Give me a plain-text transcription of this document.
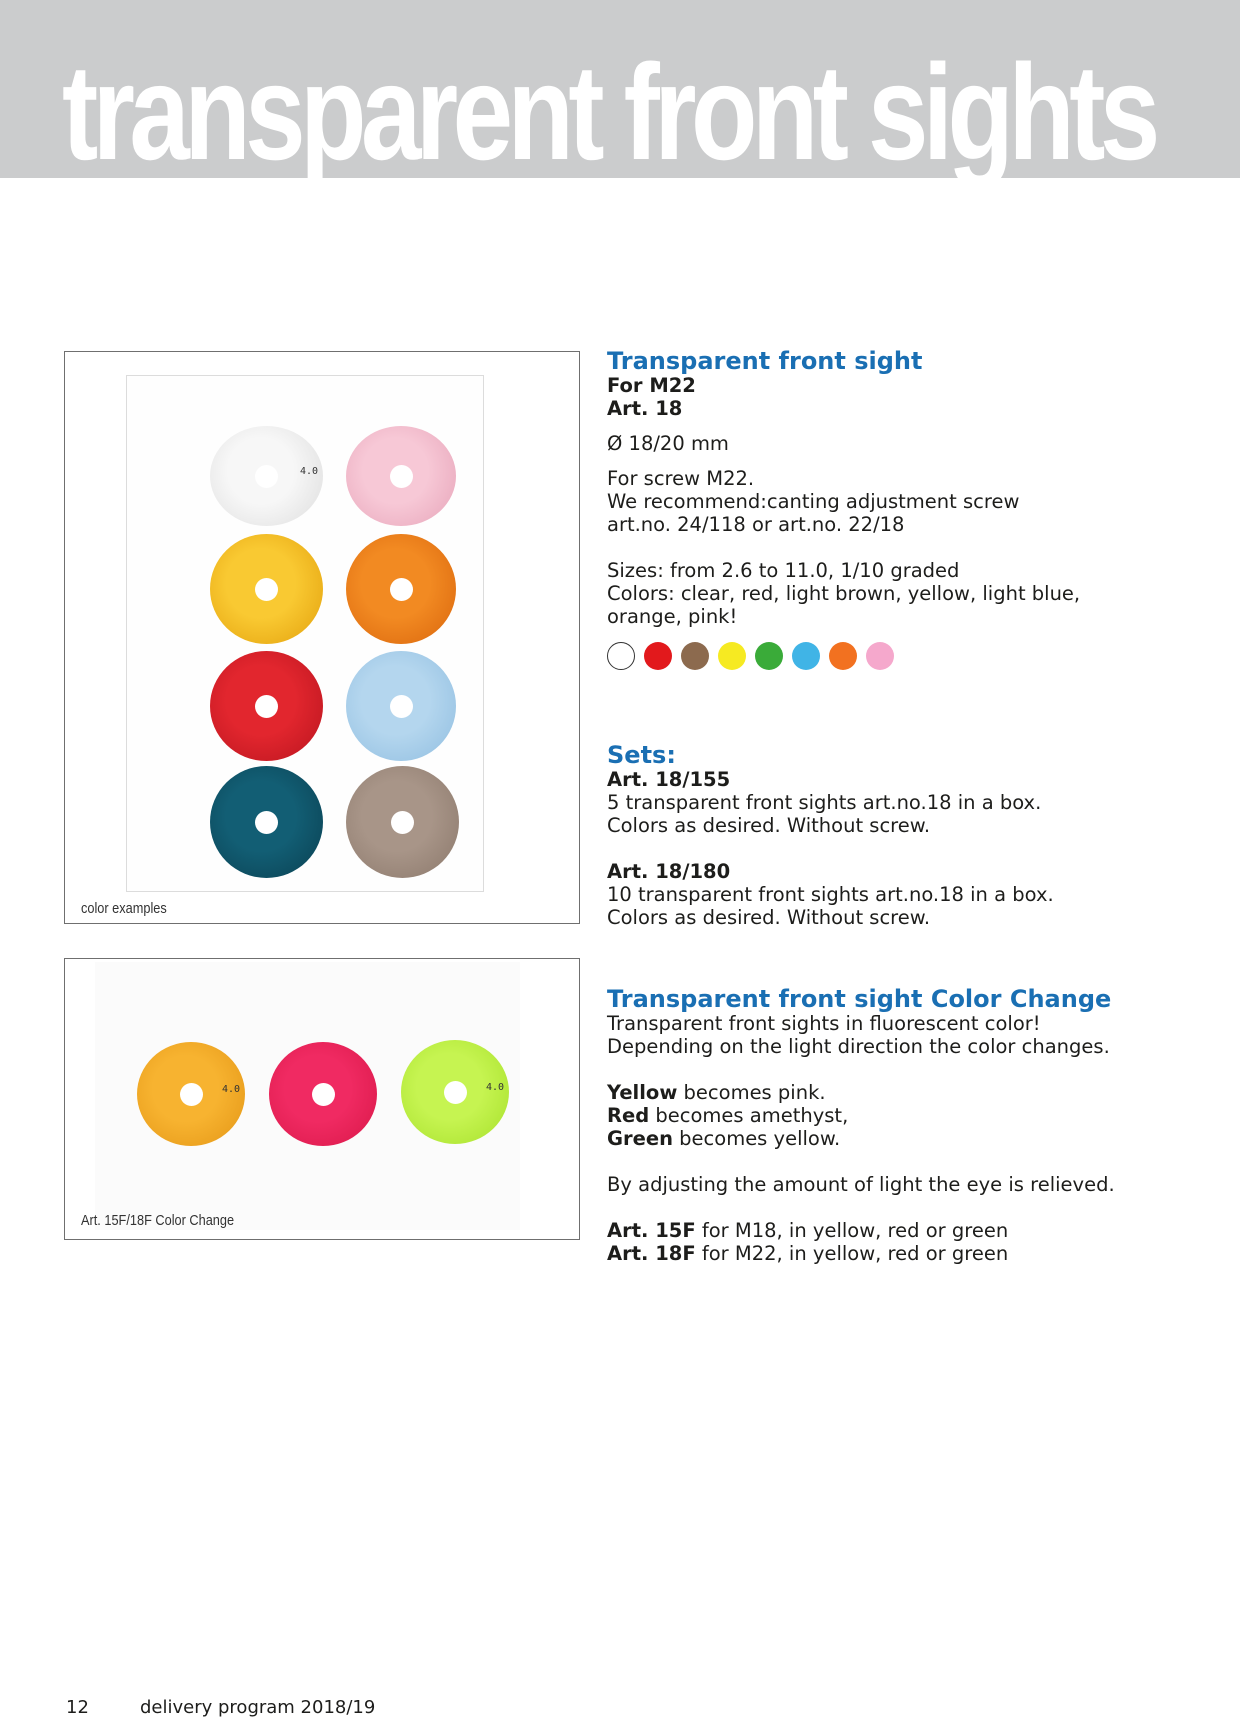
transparent front sights
4.0
color examples
4.0	4.0
Art. 15F/18F Color Change
Transparent front sight

For M22

Art. 18

Ø 18/20 mm

For screw M22.

We recommend:canting adjustment screw

art.no. 24/118 or art.no. 22/18

Sizes: from 2.6 to 11.0, 1/10 graded

Colors: clear, red, light brown, yellow, light blue,

orange, pink!

Sets:

Art. 18/155

5 transparent front sights art.no.18 in a box.

Colors as desired. Without screw.

Art. 18/180

10 transparent front sights art.no.18 in a box.

Colors as desired. Without screw.

Transparent front sight Color Change

Transparent front sights in fluorescent color!

Depending on the light direction the color changes.

Yellow becomes pink.

Red becomes amethyst,

Green becomes yellow.

By adjusting the amount of light the eye is relieved.

Art. 15F for M18, in yellow, red or green

Art. 18F for M22, in yellow, red or green

12	delivery program 2018/19
